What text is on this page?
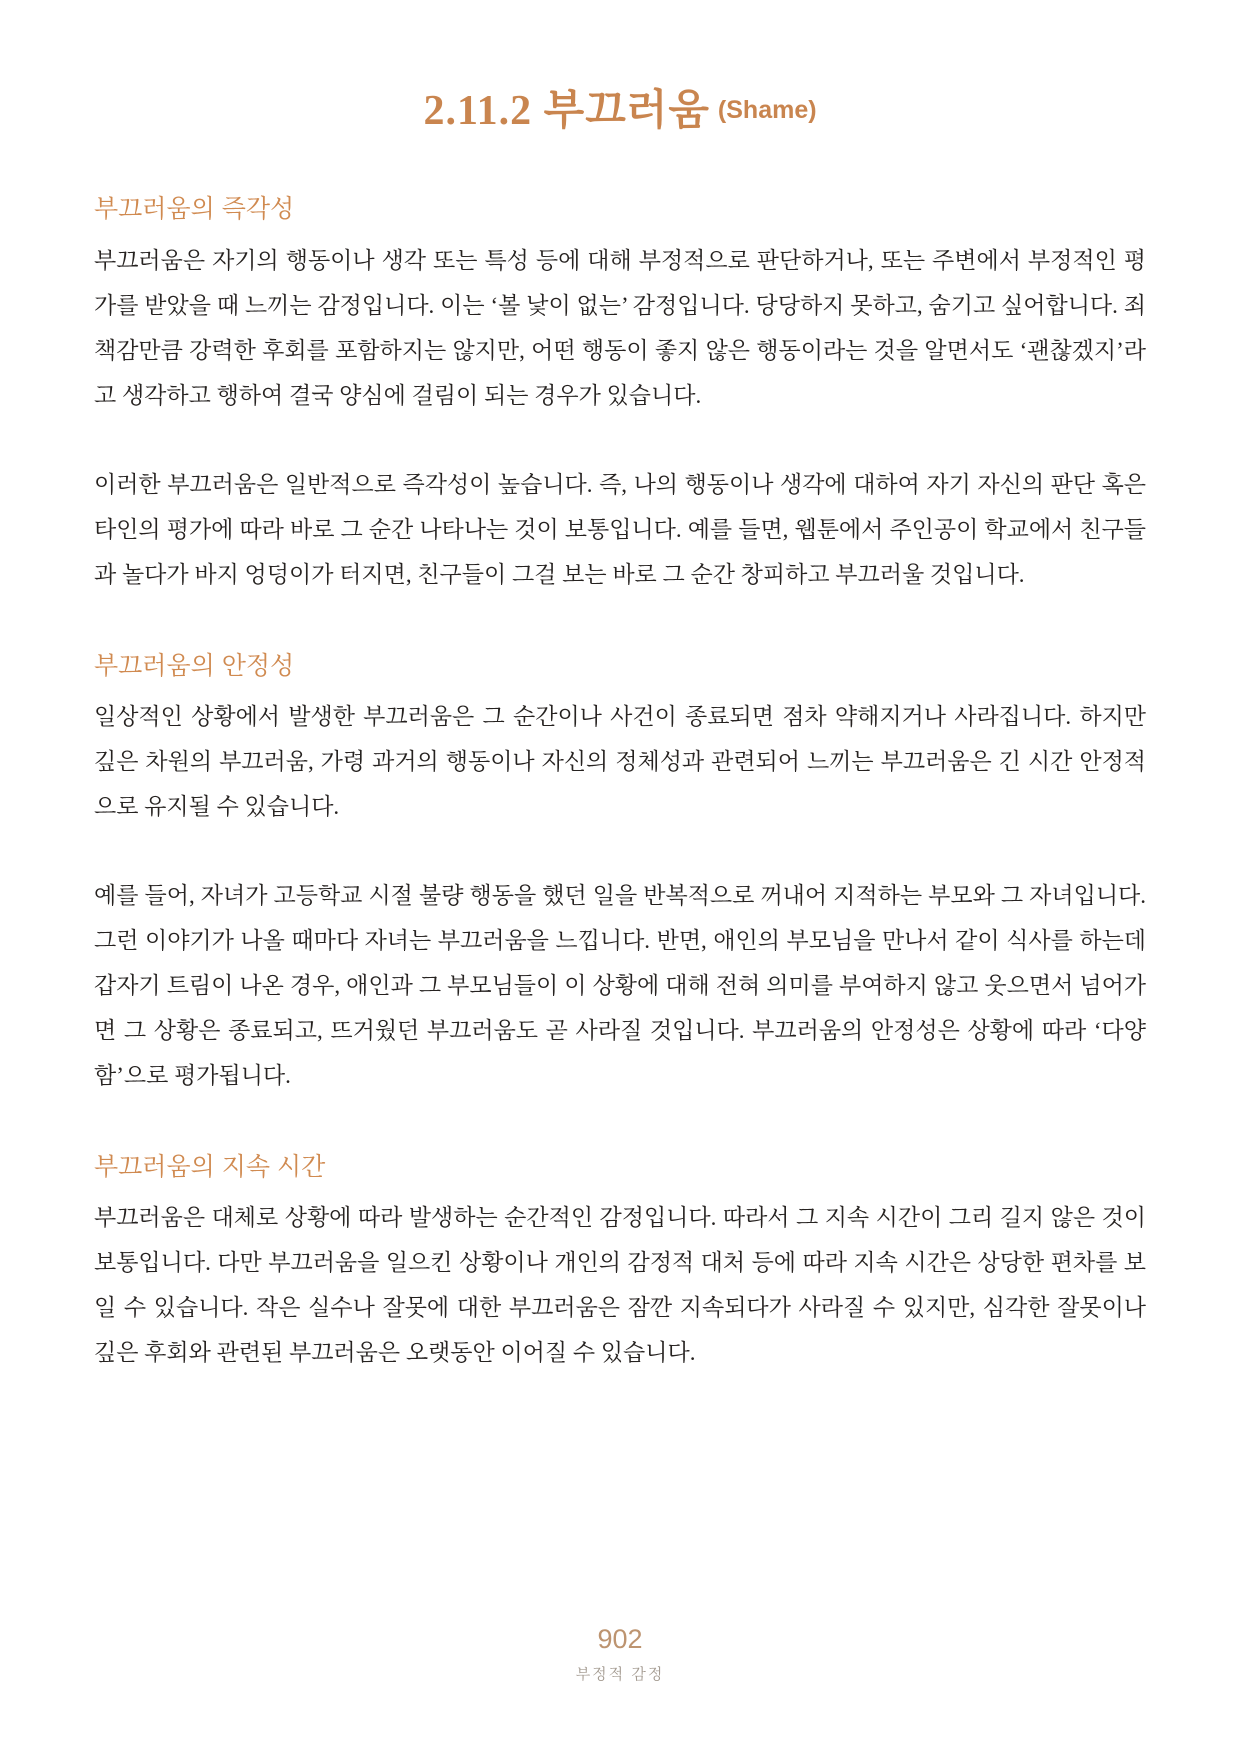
2.11.2 부끄러움 (Shame)
부끄러움의 즉각성

부끄러움은 자기의 행동이나 생각 또는 특성 등에 대해 부정적으로 판단하거나, 또는 주변에서 부정적인 평가를 받았을 때 느끼는 감정입니다. 이는 ‘볼 낯이 없는’ 감정입니다. 당당하지 못하고, 숨기고 싶어합니다. 죄책감만큼 강력한 후회를 포함하지는 않지만, 어떤 행동이 좋지 않은 행동이라는 것을 알면서도 ‘괜찮겠지’라고 생각하고 행하여 결국 양심에 걸림이 되는 경우가 있습니다.

이러한 부끄러움은 일반적으로 즉각성이 높습니다. 즉, 나의 행동이나 생각에 대하여 자기 자신의 판단 혹은 타인의 평가에 따라 바로 그 순간 나타나는 것이 보통입니다. 예를 들면, 웹툰에서 주인공이 학교에서 친구들과 놀다가 바지 엉덩이가 터지면, 친구들이 그걸 보는 바로 그 순간 창피하고 부끄러울 것입니다.

부끄러움의 안정성

일상적인 상황에서 발생한 부끄러움은 그 순간이나 사건이 종료되면 점차 약해지거나 사라집니다. 하지만 깊은 차원의 부끄러움, 가령 과거의 행동이나 자신의 정체성과 관련되어 느끼는 부끄러움은 긴 시간 안정적으로 유지될 수 있습니다.

예를 들어, 자녀가 고등학교 시절 불량 행동을 했던 일을 반복적으로 꺼내어 지적하는 부모와 그 자녀입니다. 그런 이야기가 나올 때마다 자녀는 부끄러움을 느낍니다. 반면, 애인의 부모님을 만나서 같이 식사를 하는데 갑자기 트림이 나온 경우, 애인과 그 부모님들이 이 상황에 대해 전혀 의미를 부여하지 않고 웃으면서 넘어가면 그 상황은 종료되고, 뜨거웠던 부끄러움도 곧 사라질 것입니다. 부끄러움의 안정성은 상황에 따라 ‘다양함’으로 평가됩니다.

부끄러움의 지속 시간

부끄러움은 대체로 상황에 따라 발생하는 순간적인 감정입니다. 따라서 그 지속 시간이 그리 길지 않은 것이 보통입니다. 다만 부끄러움을 일으킨 상황이나 개인의 감정적 대처 등에 따라 지속 시간은 상당한 편차를 보일 수 있습니다. 작은 실수나 잘못에 대한 부끄러움은 잠깐 지속되다가 사라질 수 있지만, 심각한 잘못이나 깊은 후회와 관련된 부끄러움은 오랫동안 이어질 수 있습니다.

902
부정적 감정
